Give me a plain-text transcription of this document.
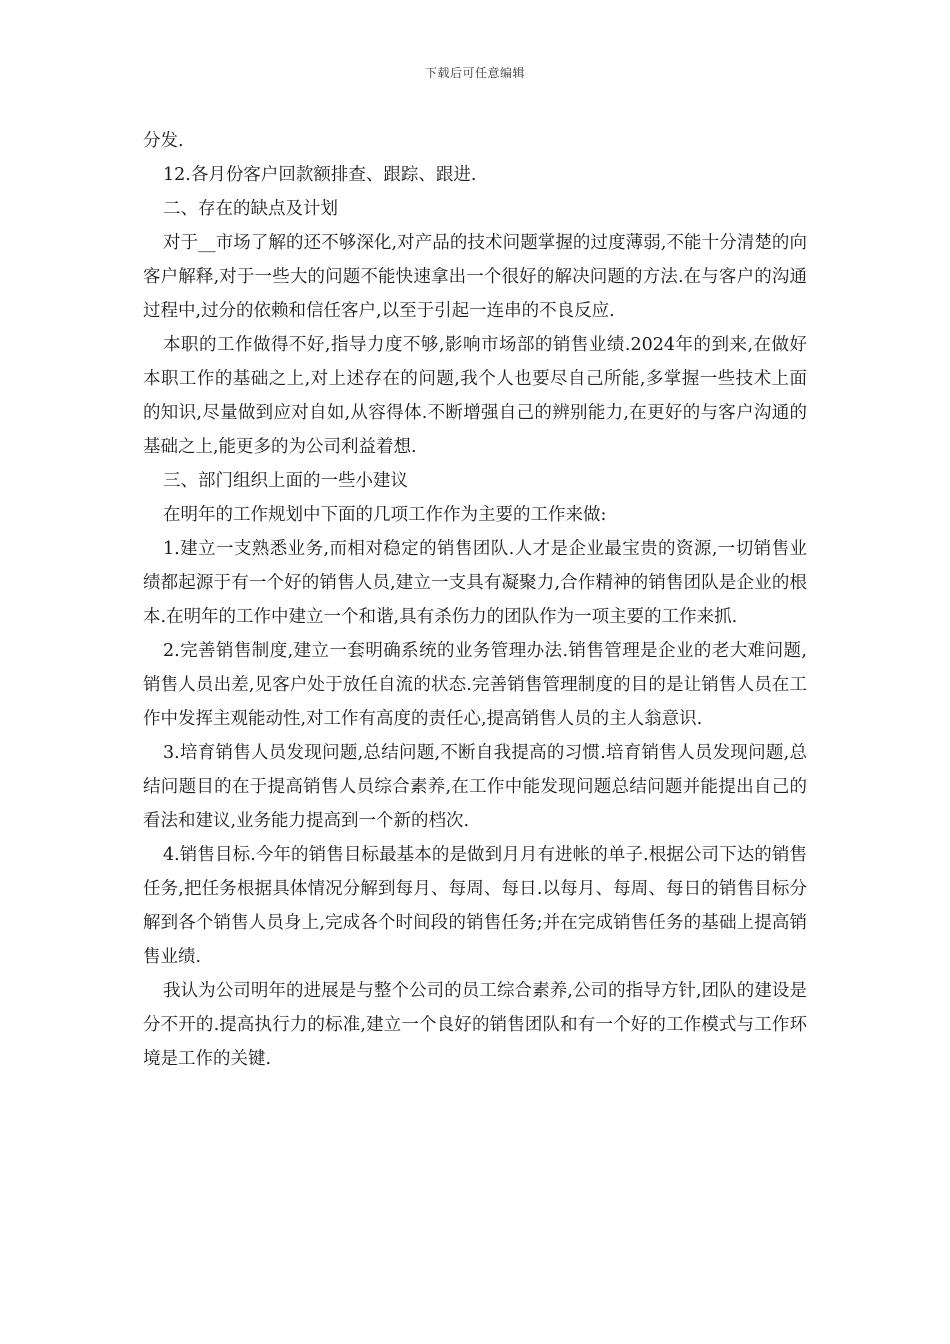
下载后可任意编辑

分发.

12.各月份客户回款额排查、跟踪、跟进.

二、存在的缺点及计划

对于__市场了解的还不够深化,对产品的技术问题掌握的过度薄弱,不能十分清楚的向客户解释,对于一些大的问题不能快速拿出一个很好的解决问题的方法.在与客户的沟通过程中,过分的依赖和信任客户,以至于引起一连串的不良反应.

本职的工作做得不好,指导力度不够,影响市场部的销售业绩.2024年的到来,在做好本职工作的基础之上,对上述存在的问题,我个人也要尽自己所能,多掌握一些技术上面的知识,尽量做到应对自如,从容得体.不断增强自己的辨别能力,在更好的与客户沟通的基础之上,能更多的为公司利益着想.

三、部门组织上面的一些小建议

在明年的工作规划中下面的几项工作作为主要的工作来做:

1.建立一支熟悉业务,而相对稳定的销售团队.人才是企业最宝贵的资源,一切销售业绩都起源于有一个好的销售人员,建立一支具有凝聚力,合作精神的销售团队是企业的根本.在明年的工作中建立一个和谐,具有杀伤力的团队作为一项主要的工作来抓.

2.完善销售制度,建立一套明确系统的业务管理办法.销售管理是企业的老大难问题,销售人员出差,见客户处于放任自流的状态.完善销售管理制度的目的是让销售人员在工作中发挥主观能动性,对工作有高度的责任心,提高销售人员的主人翁意识.

3.培育销售人员发现问题,总结问题,不断自我提高的习惯.培育销售人员发现问题,总结问题目的在于提高销售人员综合素养,在工作中能发现问题总结问题并能提出自己的看法和建议,业务能力提高到一个新的档次.

4.销售目标.今年的销售目标最基本的是做到月月有进帐的单子.根据公司下达的销售任务,把任务根据具体情况分解到每月、每周、每日.以每月、每周、每日的销售目标分解到各个销售人员身上,完成各个时间段的销售任务;并在完成销售任务的基础上提高销售业绩.

我认为公司明年的进展是与整个公司的员工综合素养,公司的指导方针,团队的建设是分不开的.提高执行力的标准,建立一个良好的销售团队和有一个好的工作模式与工作环境是工作的关键.
